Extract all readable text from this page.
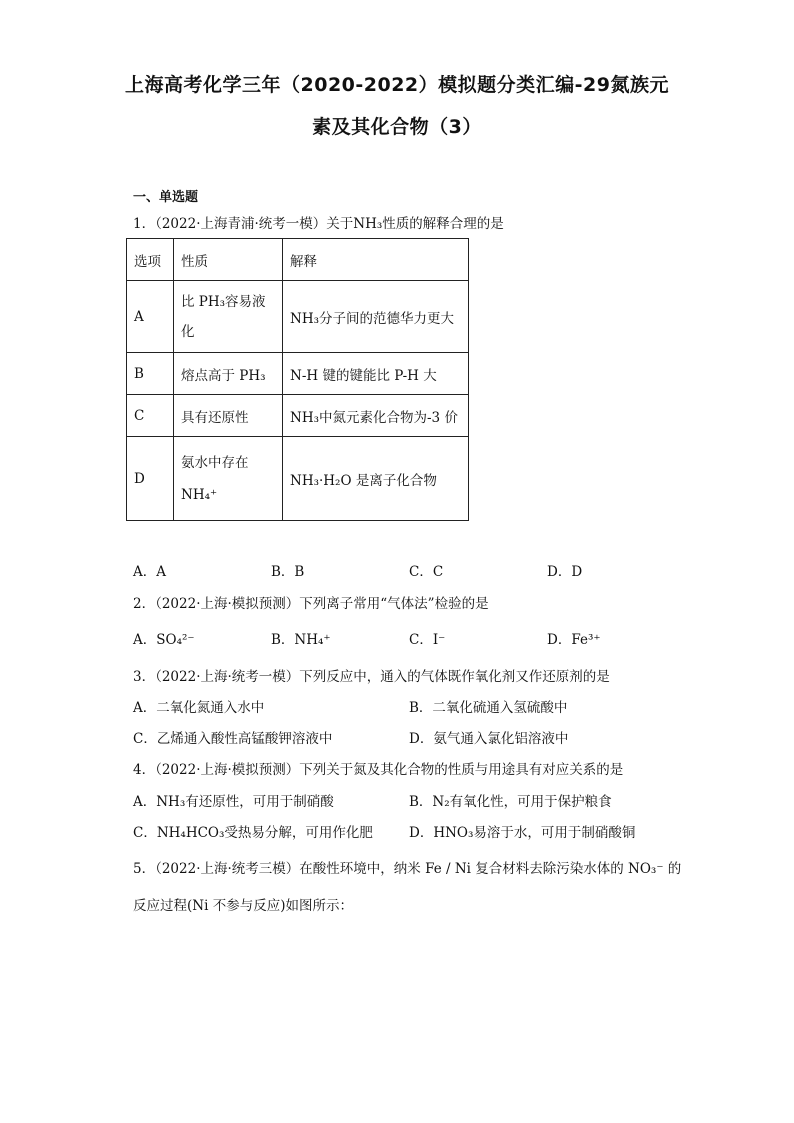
上海高考化学三年（2020-2022）模拟题分类汇编-29氮族元
素及其化合物（3）
一、单选题
1．（2022·上海青浦·统考一模）关于NH₃性质的解释合理的是
选项	性质	解释
A	比 PH₃容易液化	NH₃分子间的范德华力更大
B	熔点高于 PH₃	N-H 键的键能比 P-H 大
C	具有还原性	NH₃中氮元素化合物为-3 价
D	氨水中存在 NH₄⁺	NH₃·H₂O 是离子化合物
A．A	B．B	C．C	D．D
2．（2022·上海·模拟预测）下列离子常用“气体法”检验的是
A．SO₄²⁻	B．NH₄⁺	C．I⁻	D．Fe³⁺
3．（2022·上海·统考一模）下列反应中，通入的气体既作氧化剂又作还原剂的是
A．二氧化氮通入水中	B．二氧化硫通入氢硫酸中
C．乙烯通入酸性高锰酸钾溶液中	D．氨气通入氯化铝溶液中
4．（2022·上海·模拟预测）下列关于氮及其化合物的性质与用途具有对应关系的是
A．NH₃有还原性，可用于制硝酸	B．N₂有氧化性，可用于保护粮食
C．NH₄HCO₃受热易分解，可用作化肥	D．HNO₃易溶于水，可用于制硝酸铜
5．（2022·上海·统考三模）在酸性环境中，纳米 Fe / Ni 复合材料去除污染水体的 NO₃⁻ 的
反应过程(Ni 不参与反应)如图所示：
